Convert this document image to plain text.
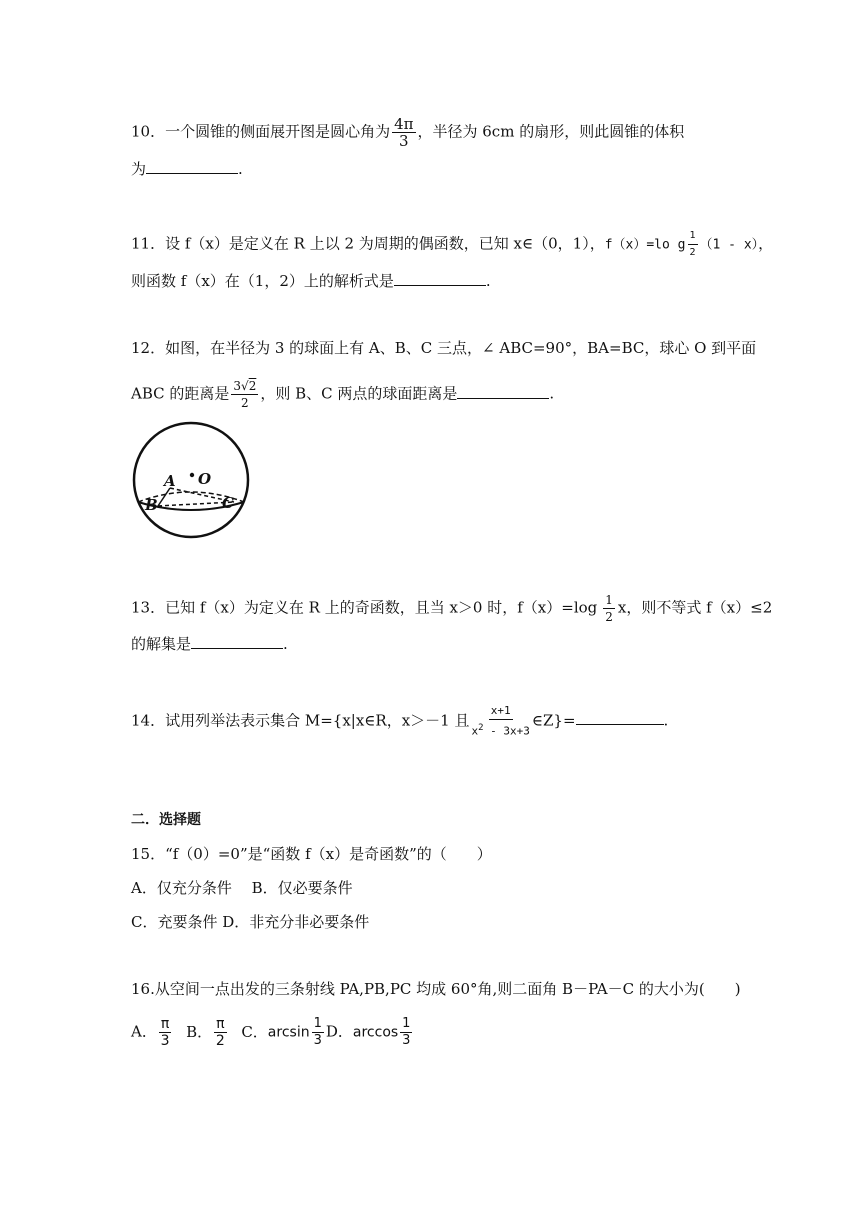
10．一个圆锥的侧面展开图是圆心角为 $\frac{4\pi}{3}$ ，半径为 6cm 的扇形，则此圆锥的体积
为	.
11．设 f（x）是定义在 R 上以 2 为周期的偶函数，已知 x∈（0，1），f（x）=lo g $\frac{1}{2} (1 - x)$，
则函数 f（x）在（1，2）上的解析式是	.
12．如图，在半径为 3 的球面上有 A、B、C 三点，∠ ABC=90°，BA=BC，球心 O 到平面
ABC 的距离是 $\frac{3√2}{2}$ ，则 B、C 两点的球面距离是	.
A O
B	C
13．已知 f（x）为定义在 R 上的奇函数，且当 x＞0 时，$f(x)=\log \frac{1}{2}$ x，则不等式 f（x）≤2
的解集是	.
14．试用列举法表示集合 M={x|x∈R，x＞－1 且 $\frac{x+1}{x^2 - 3x+3}$ ∈Z}=	.
二．选择题
15．“f（0）=0”是“函数 f（x）是奇函数”的（　　）
A．仅充分条件　 B．仅必要条件
C．充要条件 D．非充分非必要条件
16.从空间一点出发的三条射线 PA,PB,PC 均成 60°角,则二面角 B－PA－C 的大小为(　　)
A． $\frac{\pi}{3}$ B． $\frac{\pi}{2}$ C．$\arcsin \frac{1}{3}$ D．$\arccos \frac{1}{3}$
